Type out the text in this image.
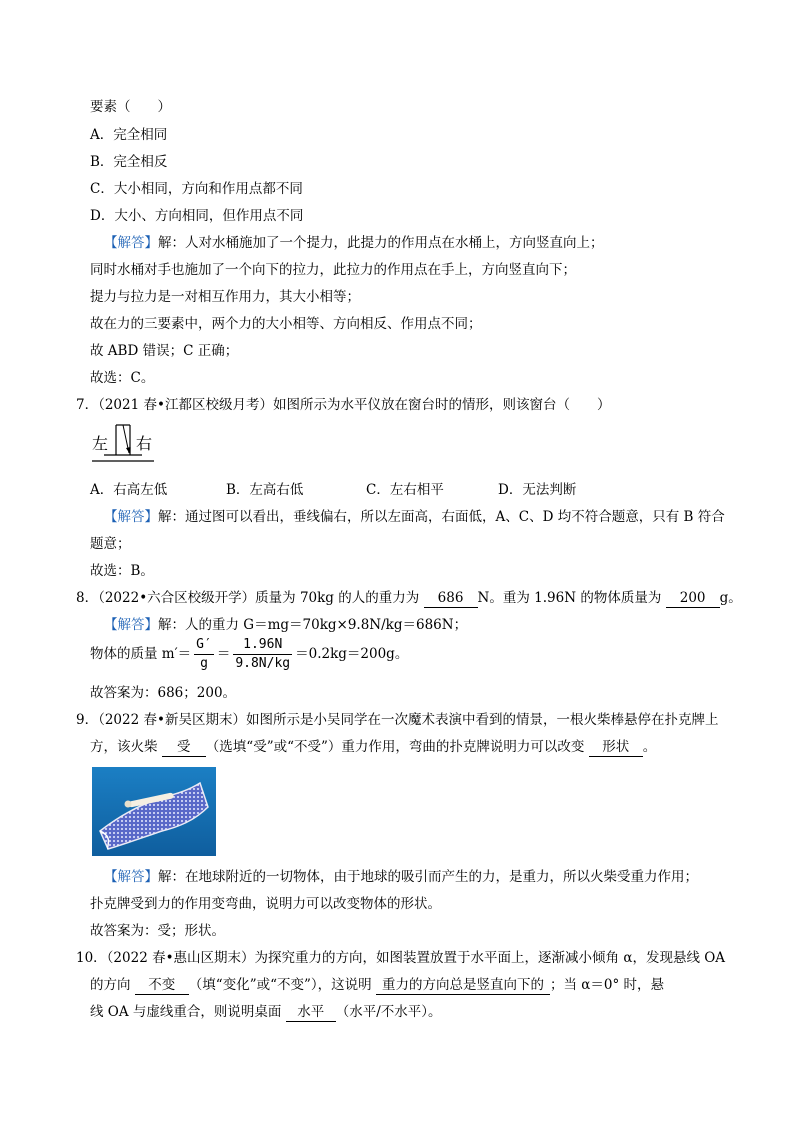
要素（　　）
A．完全相同
B．完全相反
C．大小相同，方向和作用点都不同
D．大小、方向相同，但作用点不同
【解答】解：人对水桶施加了一个提力，此提力的作用点在水桶上，方向竖直向上；
同时水桶对手也施加了一个向下的拉力，此拉力的作用点在手上，方向竖直向下；
提力与拉力是一对相互作用力，其大小相等；
故在力的三要素中，两个力的大小相等、方向相反、作用点不同；
故 ABD 错误；C 正确；
故选：C。
7．（2021 春•江都区校级月考）如图所示为水平仪放在窗台时的情形，则该窗台（　　）
左 右
A．右高左低	B．左高右低	C．左右相平	D．无法判断
【解答】解：通过图可以看出，垂线偏右，所以左面高，右面低，A、C、D 均不符合题意，只有 B 符合
题意；
故选：B。
8．（2022•六合区校级开学）质量为 70kg 的人的重力为 686 N。重为 1.96N 的物体质量为 200 g。
【解答】解：人的重力 G＝mg＝70kg×9.8N/kg＝686N；
物体的质量 $m'= \frac{G'}{g} = \frac{1.96N}{9.8N/kg} =0.2kg=200g$。
故答案为：686；200。
9．（2022 春•新吴区期末）如图所示是小吴同学在一次魔术表演中看到的情景，一根火柴棒悬停在扑克牌上
方，该火柴 受 （选填“受”或“不受”）重力作用，弯曲的扑克牌说明力可以改变 形状 。
【解答】解：在地球附近的一切物体，由于地球的吸引而产生的力，是重力，所以火柴受重力作用；
扑克牌受到力的作用变弯曲，说明力可以改变物体的形状。
故答案为：受；形状。
10．（2022 春•惠山区期末）为探究重力的方向，如图装置放置于水平面上，逐渐减小倾角 α，发现悬线 OA
的方向 不变 （填“变化”或“不变”），这说明 重力的方向总是竖直向下的 ；当 α＝0° 时，悬
线 OA 与虚线重合，则说明桌面 水平 （水平/不水平）。
